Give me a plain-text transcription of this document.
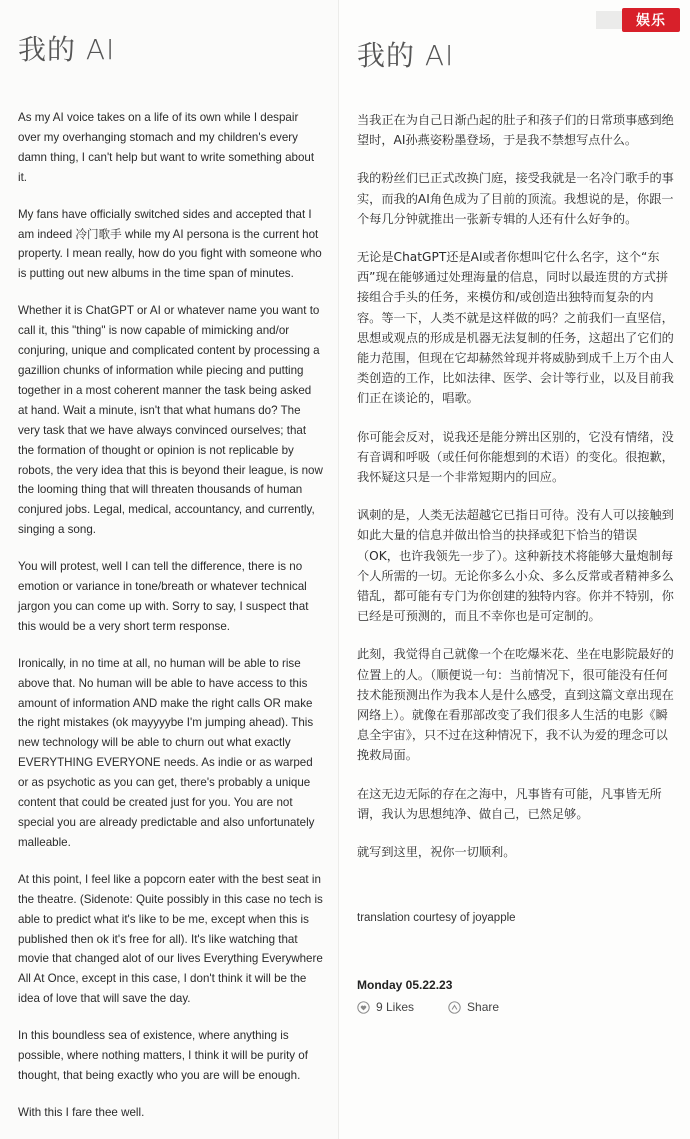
我的 AI

As my AI voice takes on a life of its own while I despair over my overhanging stomach and my children's every damn thing, I can't help but want to write something about it.

My fans have officially switched sides and accepted that I am indeed 冷门歌手 while my AI persona is the current hot property. I mean really, how do you fight with someone who is putting out new albums in the time span of minutes.

Whether it is ChatGPT or AI or whatever name you want to call it, this "thing" is now capable of mimicking and/or conjuring, unique and complicated content by processing a gazillion chunks of information while piecing and putting together in a most coherent manner the task being asked at hand. Wait a minute, isn't that what humans do? The very task that we have always convinced ourselves; that the formation of thought or opinion is not replicable by robots, the very idea that this is beyond their league, is now the looming thing that will threaten thousands of human conjured jobs. Legal, medical, accountancy, and currently, singing a song.

You will protest, well I can tell the difference, there is no emotion or variance in tone/breath or whatever technical jargon you can come up with. Sorry to say, I suspect that this would be a very short term response.

Ironically, in no time at all, no human will be able to rise above that. No human will be able to have access to this amount of information AND make the right calls OR make the right mistakes (ok mayyyybe I'm jumping ahead). This new technology will be able to churn out what exactly EVERYTHING EVERYONE needs. As indie or as warped or as psychotic as you can get, there's probably a unique content that could be created just for you. You are not special you are already predictable and also unfortunately malleable.

At this point, I feel like a popcorn eater with the best seat in the theatre. (Sidenote: Quite possibly in this case no tech is able to predict what it's like to be me, except when this is published then ok it's free for all). It's like watching that movie that changed alot of our lives Everything Everywhere All At Once, except in this case, I don't think it will be the idea of love that will save the day.

In this boundless sea of existence, where anything is possible, where nothing matters, I think it will be purity of thought, that being exactly who you are will be enough.

With this I fare thee well.

我的 AI

当我正在为自己日渐凸起的肚子和孩子们的日常琐事感到绝望时，AI孙燕姿粉墨登场，于是我不禁想写点什么。

我的粉丝们已正式改换门庭，接受我就是一名冷门歌手的事实，而我的AI角色成为了目前的顶流。我想说的是，你跟一个每几分钟就推出一张新专辑的人还有什么好争的。

无论是ChatGPT还是AI或者你想叫它什么名字，这个“东西”现在能够通过处理海量的信息，同时以最连贯的方式拼接组合手头的任务，来模仿和/或创造出独特而复杂的内容。等一下，人类不就是这样做的吗？之前我们一直坚信，思想或观点的形成是机器无法复制的任务，这超出了它们的能力范围，但现在它却赫然耸现并将威胁到成千上万个由人类创造的工作，比如法律、医学、会计等行业，以及目前我们正在谈论的，唱歌。

你可能会反对，说我还是能分辨出区别的，它没有情绪，没有音调和呼吸（或任何你能想到的术语）的变化。很抱歉，我怀疑这只是一个非常短期内的回应。

讽刺的是，人类无法超越它已指日可待。没有人可以接触到如此大量的信息并做出恰当的抉择或犯下恰当的错误（OK，也许我领先一步了）。这种新技术将能够大量炮制每个人所需的一切。无论你多么小众、多么反常或者精神多么错乱，都可能有专门为你创建的独特内容。你并不特别，你已经是可预测的，而且不幸你也是可定制的。

此刻，我觉得自己就像一个在吃爆米花、坐在电影院最好的位置上的人。（顺便说一句：当前情况下，很可能没有任何技术能预测出作为我本人是什么感受，直到这篇文章出现在网络上）。就像在看那部改变了我们很多人生活的电影《瞬息全宇宙》，只不过在这种情况下，我不认为爱的理念可以挽救局面。

在这无边无际的存在之海中，凡事皆有可能，凡事皆无所谓，我认为思想纯净、做自己，已然足够。

就写到这里，祝你一切顺利。

translation courtesy of joyapple
Monday 05.22.23
9 Likes	Share
娱乐
